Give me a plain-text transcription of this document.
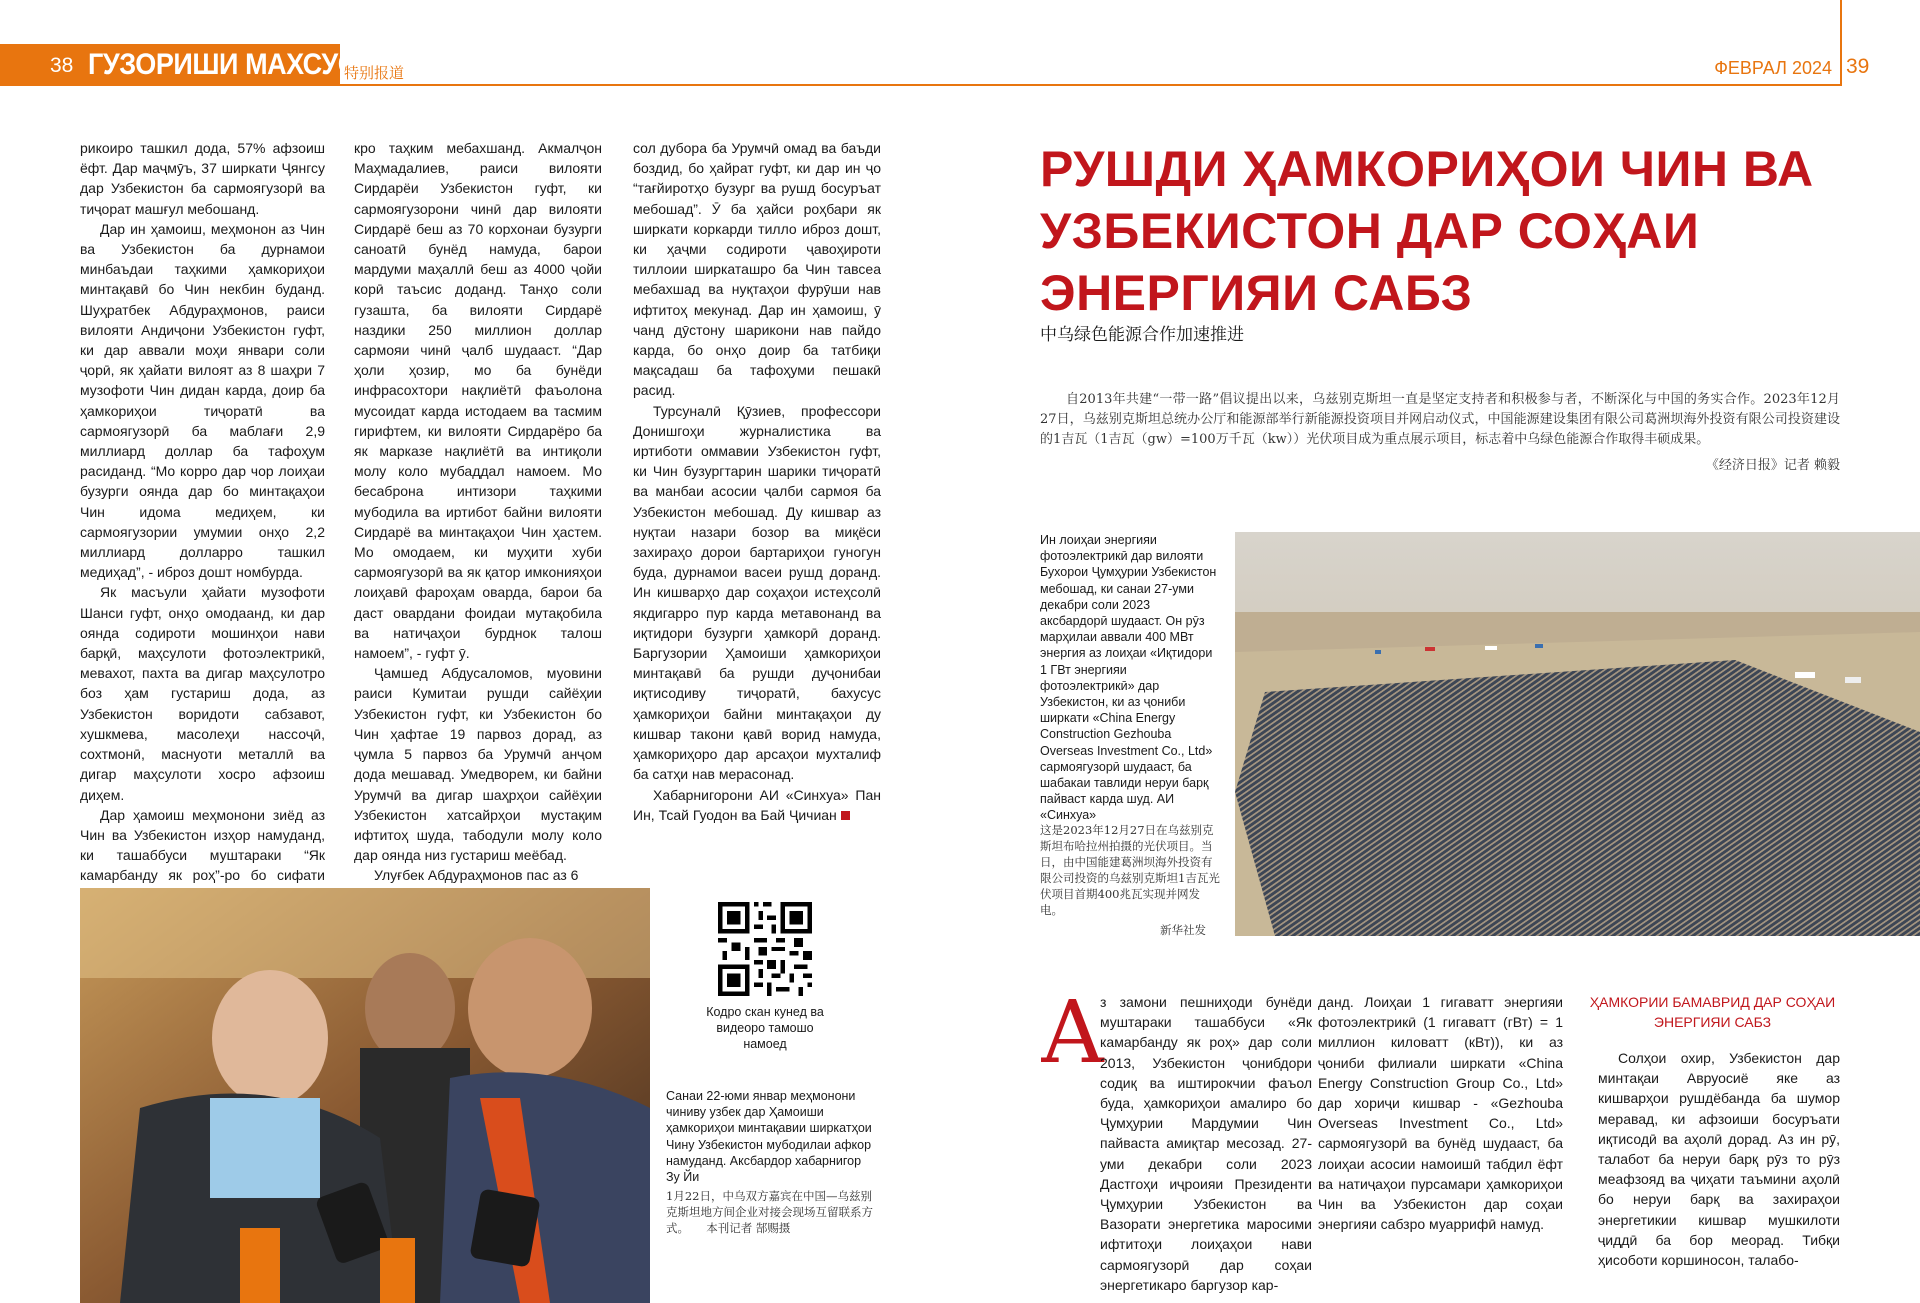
38 ГУЗОРИШИ МАХСУС
特别报道	ФЕВРАЛ 2024 39

рикоиро ташкил дода, 57% афзоиш ёфт. Дар маҷмӯъ, 37 ширкати Ҷянгсу дар Узбекистон ба сармоягузорӣ ва тиҷорат машғул мебошанд.

Дар ин ҳамоиш, меҳмонон аз Чин ва Узбекистон ба дурнамои минбаъдаи таҳкими ҳамкориҳои минтақавӣ бо Чин некбин буданд. Шуҳратбек Абдураҳмонов, раиси вилояти Андиҷони Узбекистон гуфт, ки дар аввали моҳи январи соли ҷорӣ, як ҳайати вилоят аз 8 шаҳри 7 музофоти Чин дидан карда, доир ба ҳамкориҳои тиҷоратӣ ва сармоягузорӣ ба маблағи 2,9 миллиард доллар ба тафоҳум расиданд. “Мо корро дар чор лоиҳаи бузурги оянда дар бо минтақаҳои Чин идома медиҳем, ки сармоягузории умумии онҳо 2,2 миллиард долларро ташкил медиҳад”, - иброз дошт номбурда.

Як масъули ҳайати музофоти Шанси гуфт, онҳо омодаанд, ки дар оянда содироти мошинҳои нави барқӣ, маҳсулоти фотоэлектрикӣ, мевахот, пахта ва дигар маҳсулотро боз ҳам густариш дода, аз Узбекистон воридоти сабзавот, хушкмева, масолеҳи нассоҷӣ, сохтмонӣ, маснуоти металлӣ ва дигар маҳсулоти хосро афзоиш диҳем.

Дар ҳамоиш меҳмонони зиёд аз Чин ва Узбекистон изҳор намуданд, ки ташаббуси муштараки “Як камарбанду як роҳ”-ро бо сифати

кро таҳким мебахшанд. Акмалҷон Маҳмадалиев, раиси вилояти Сирдарёи Узбекистон гуфт, ки сармоягузорони чинӣ дар вилояти Сирдарё беш аз 70 корхонаи бузурги саноатӣ бунёд намуда, барои мардуми маҳаллӣ беш аз 4000 ҷойи корӣ таъсис доданд. Танҳо соли гузашта, ба вилояти Сирдарё наздики 250 миллион доллар сармояи чинӣ ҷалб шудааст. “Дар ҳоли ҳозир, мо ба бунёди инфрасохтори нақлиётӣ фаъолона мусоидат карда истодаем ва тасмим гирифтем, ки вилояти Сирдарёро ба як марказе нақлиётӣ ва интиқоли молу коло мубаддал намоем. Мо бесаброна интизори таҳкими мубодила ва иртибот байни вилояти Сирдарё ва минтақаҳои Чин ҳастем. Мо омодаем, ки муҳити хуби сармоягузорӣ ва як қатор имконияҳои лоиҳавӣ фароҳам оварда, барои ба даст овардани фоидаи мутақобила ва натиҷаҳои бурднок талош намоем”, - гуфт ӯ.

Ҷамшед Абдусаломов, муовини раиси Кумитаи рушди сайёҳии Узбекистон гуфт, ки Узбекистон бо Чин ҳафтае 19 парвоз дорад, аз ҷумла 5 парвоз ба Урумчӣ анҷом дода мешавад. Умедворем, ки байни Урумчӣ ва дигар шаҳрҳои сайёҳии Узбекистон хатсайрҳои мустақим ифтитоҳ шуда, табодули молу коло дар оянда низ густариш меёбад.

Улуғбек Абдураҳмонов пас аз 6

сол дубора ба Урумчӣ омад ва баъди боздид, бо ҳайрат гуфт, ки дар ин ҷо “тағйиротҳо бузург ва рушд босуръат мебошад”. Ӯ ба ҳайси роҳбари як ширкати коркарди тилло иброз дошт, ки ҳаҷми содироти ҷавоҳироти тиллоии ширкаташро ба Чин тавсеа мебахшад ва нуқтаҳои фурӯши нав ифтитоҳ мекунад. Дар ин ҳамоиш, ӯ чанд дӯстону шарикони нав пайдо карда, бо онҳо доир ба татбиқи мақсадаш ба тафоҳуми пешакӣ расид.

Турсуналӣ Қӯзиев, профессори Донишгоҳи журналистика ва иртиботи оммавии Узбекистон гуфт, ки Чин бузургтарин шарики тиҷоратӣ ва манбаи асосии ҷалби сармоя ба Узбекистон мебошад. Ду кишвар аз нуқтаи назари бозор ва миқёси захираҳо дорои бартариҳои гуногун буда, дурнамои васеи рушд доранд. Ин кишварҳо дар соҳаҳои истеҳсолӣ якдигарро пур карда метавонанд ва иқтидори бузурги ҳамкорӣ доранд. Баргузории Ҳамоиши ҳамкориҳои минтақавӣ ба рушди дуҷонибаи иқтисодиву тиҷоратӣ, бахусус ҳамкориҳои байни минтақаҳои ду кишвар такони қавӣ ворид намуда, ҳамкориҳоро дар арсаҳои мухталиф ба сатҳи нав мерасонад.

Хабарнигорони АИ «Синхуа» Пан Ин, Тсай Гуодон ва Бай Ҷичиан

Кодро скан кунед ва видеоро тамошо намоед
Санаи 22-юми январ меҳмонони чиниву узбек дар Ҳамоиши ҳамкориҳои минтақавии ширкатҳои Чину Узбекистон мубодилаи афкор намуданд. Аксбардор хабарнигор Зу Йи
1月22日，中乌双方嘉宾在中国—乌兹别克斯坦地方间企业对接会现场互留联系方式。　　本刊记者 郜赐摄
РУШДИ ҲАМКОРИҲОИ ЧИН ВА УЗБЕКИСТОН ДАР СОҲАИ ЭНЕРГИЯИ САБЗ
中乌绿色能源合作加速推进
自2013年共建“一带一路”倡议提出以来，乌兹别克斯坦一直是坚定支持者和积极参与者，不断深化与中国的务实合作。2023年12月27日，乌兹别克斯坦总统办公厅和能源部举行新能源投资项目并网启动仪式，中国能源建设集团有限公司葛洲坝海外投资有限公司投资建设的1吉瓦（1吉瓦（gw）=100万千瓦（kw））光伏项目成为重点展示项目，标志着中乌绿色能源合作取得丰硕成果。
《经济日报》记者 赖毅
Ин лоиҳаи энергияи фотоэлектрикӣ дар вилояти Бухорои Ҷумҳурии Узбекистон мебошад, ки санаи 27-уми декабри соли 2023 аксбардорӣ шудааст. Он рӯз марҳилаи аввали 400 МВт энергия аз лоиҳаи «Иқтидори 1 ГВт энергияи фотоэлектрикӣ» дар Узбекистон, ки аз ҷониби ширкати «China Energy Construction Gezhouba Overseas Investment Co., Ltd» сармоягузорӣ шудааст, ба шабакаи тавлиди неруи барқ пайваст карда шуд. АИ «Синхуа»
这是2023年12月27日在乌兹别克斯坦布哈拉州拍摄的光伏项目。当日，由中国能建葛洲坝海外投资有限公司投资的乌兹别克斯坦1吉瓦光伏项目首期400兆瓦实现并网发电。
新华社发
А

з замони пешниҳоди бунёди муштараки ташаббуси «Як камарбанду як роҳ» дар соли 2013, Узбекистон ҷонибдори содиқ ва иштирокчии фаъол буда, ҳамкориҳои амалиро бо Ҷумҳурии Мардумии Чин пайваста амиқтар месозад. 27-уми декабри соли 2023 Дастгоҳи иҷроияи Президенти Ҷумҳурии Узбекистон ва Вазорати энергетика маросими ифтитоҳи лоиҳаҳои нави сармоягузорӣ дар соҳаи энергетикаро баргузор кар-

данд. Лоиҳаи 1 гигаватт энергияи фотоэлектрикӣ (1 гигаватт (гВт) = 1 миллион киловатт (кВт)), ки аз ҷониби филиали ширкати «China Energy Construction Group Co., Ltd» дар хориҷи кишвар - «Gezhouba Overseas Investment Co., Ltd» сармоягузорӣ ва бунёд шудааст, ба лоиҳаи асосии намоишӣ табдил ёфт ва натиҷаҳои пурсамари ҳамкориҳои Чин ва Узбекистон дар соҳаи энергияи сабзро муаррифӣ намуд.

ҲАМКОРИИ БАМАВРИД ДАР СОҲАИ ЭНЕРГИЯИ САБЗ

Солҳои охир, Узбекистон дар минтақаи Авруосиё яке аз кишварҳои рушдёбанда ба шумор меравад, ки афзоиши босуръати иқтисодӣ ва аҳолӣ дорад. Аз ин рӯ, талабот ба неруи барқ рӯз то рӯз меафзояд ва ҷиҳати таъмини аҳолӣ бо неруи барқ ва захираҳои энергетикии кишвар мушкилоти ҷиддӣ ба бор меорад. Тибқи ҳисоботи коршиносон, талабо-
